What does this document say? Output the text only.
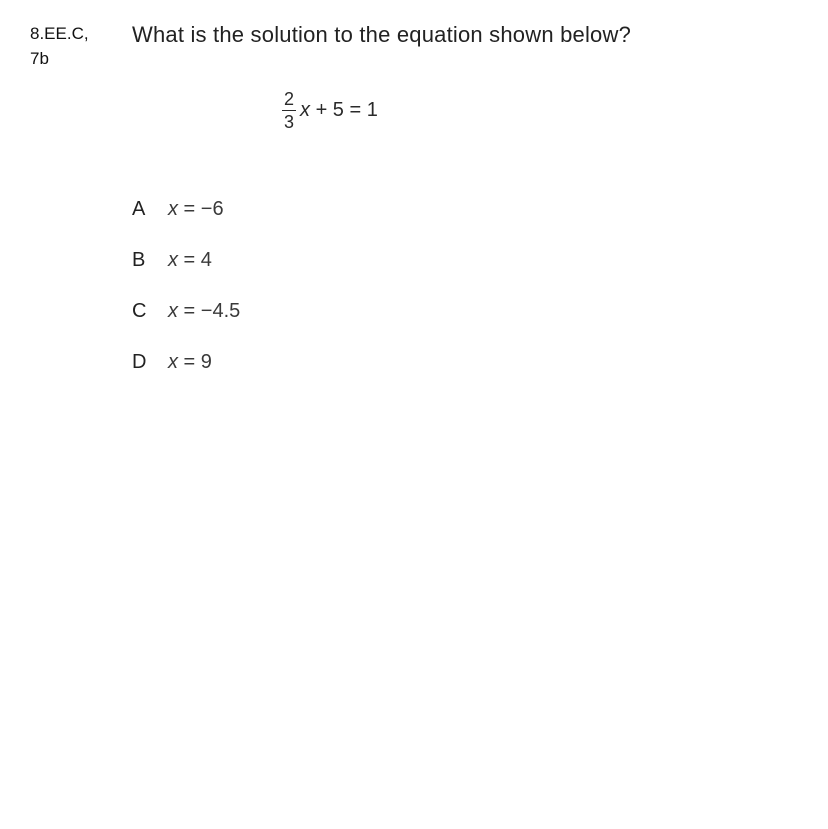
8.EE.C,
7b
What is the solution to the equation shown below?
$\frac{2}{3}$ x + 5 = 1
A	x = −6
B	x = 4
C	x = −4.5
D	x = 9
